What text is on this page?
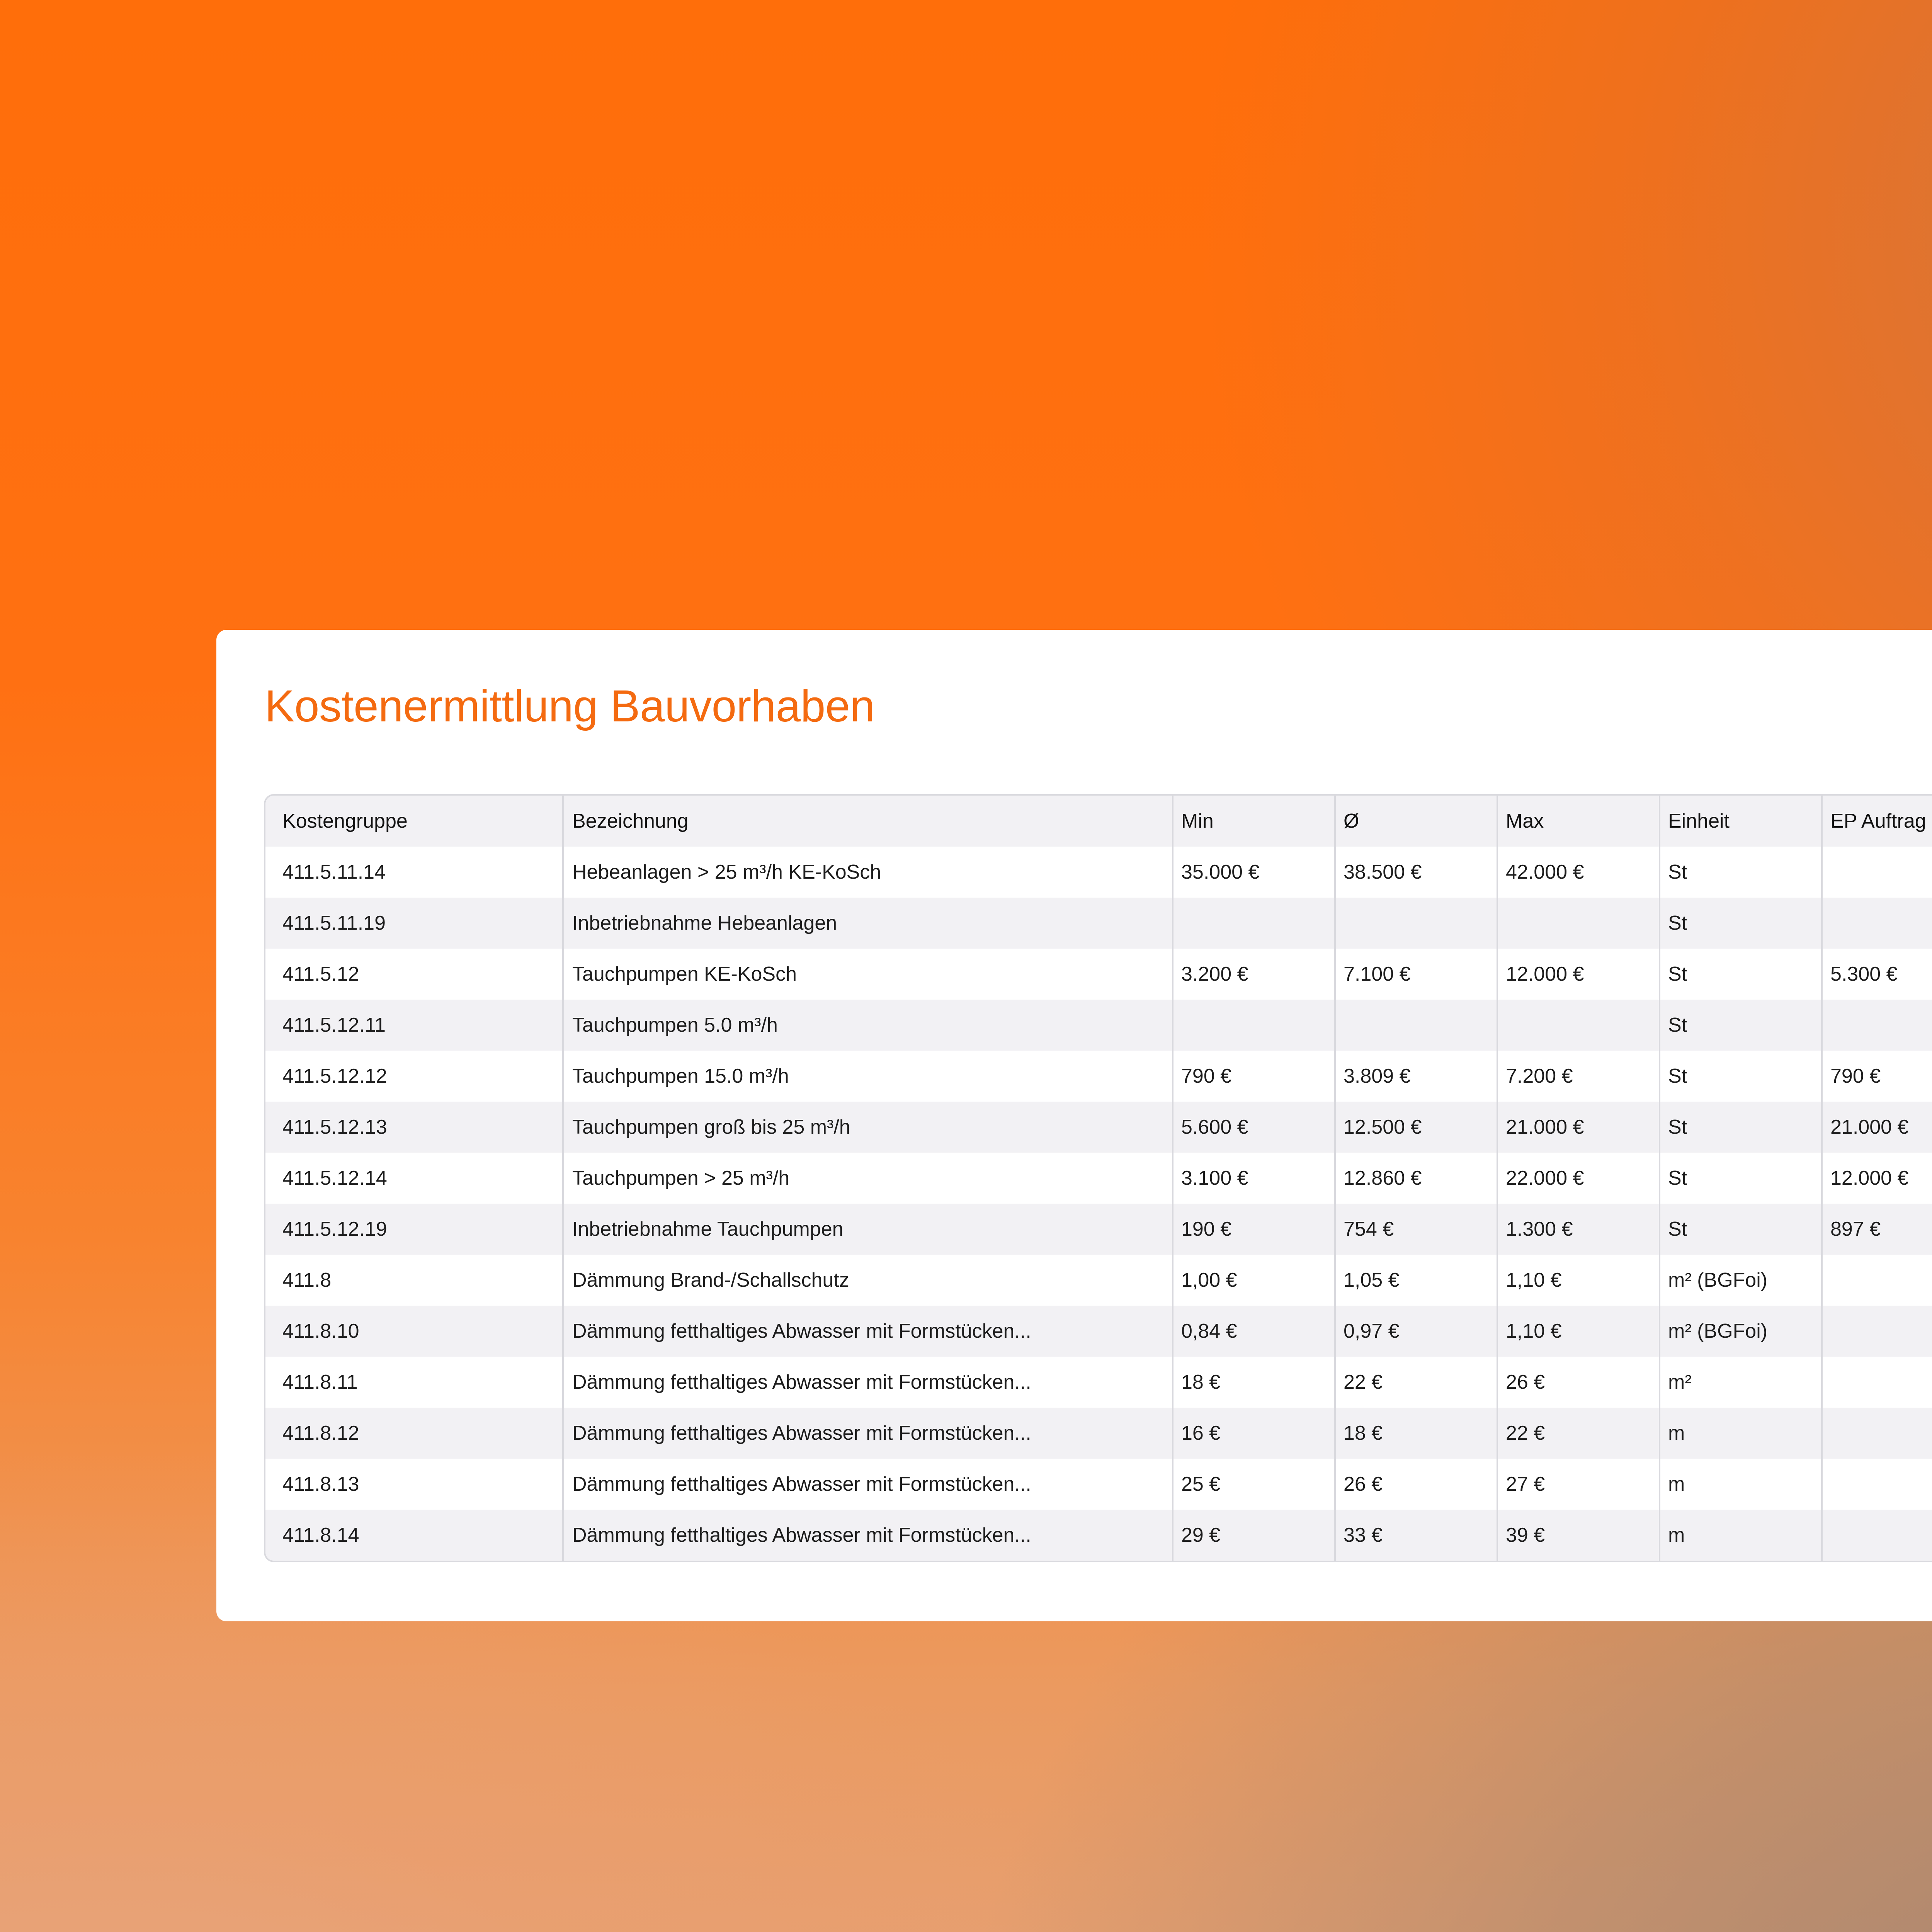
Kostenermittlung Bauvorhaben
Kostengruppe	Bezeichnung	Min	Ø	Max	Einheit	EP Auftrag
411.5.11.14	Hebeanlagen > 25 m³/h KE-KoSch	35.000 €	38.500 €	42.000 €	St	
411.5.11.19	Inbetriebnahme Hebeanlagen				St	
411.5.12	Tauchpumpen KE-KoSch	3.200 €	7.100 €	12.000 €	St	5.300 €
411.5.12.11	Tauchpumpen 5.0 m³/h				St	
411.5.12.12	Tauchpumpen 15.0 m³/h	790 €	3.809 €	7.200 €	St	790 €
411.5.12.13	Tauchpumpen groß bis 25 m³/h	5.600 €	12.500 €	21.000 €	St	21.000 €
411.5.12.14	Tauchpumpen > 25 m³/h	3.100 €	12.860 €	22.000 €	St	12.000 €
411.5.12.19	Inbetriebnahme Tauchpumpen	190 €	754 €	1.300 €	St	897 €
411.8	Dämmung Brand-/Schallschutz	1,00 €	1,05 €	1,10 €	m² (BGFoi)	
411.8.10	Dämmung fetthaltiges Abwasser mit Formstücken...	0,84 €	0,97 €	1,10 €	m² (BGFoi)	
411.8.11	Dämmung fetthaltiges Abwasser mit Formstücken...	18 €	22 €	26 €	m²	
411.8.12	Dämmung fetthaltiges Abwasser mit Formstücken...	16 €	18 €	22 €	m	
411.8.13	Dämmung fetthaltiges Abwasser mit Formstücken...	25 €	26 €	27 €	m	
411.8.14	Dämmung fetthaltiges Abwasser mit Formstücken...	29 €	33 €	39 €	m	
